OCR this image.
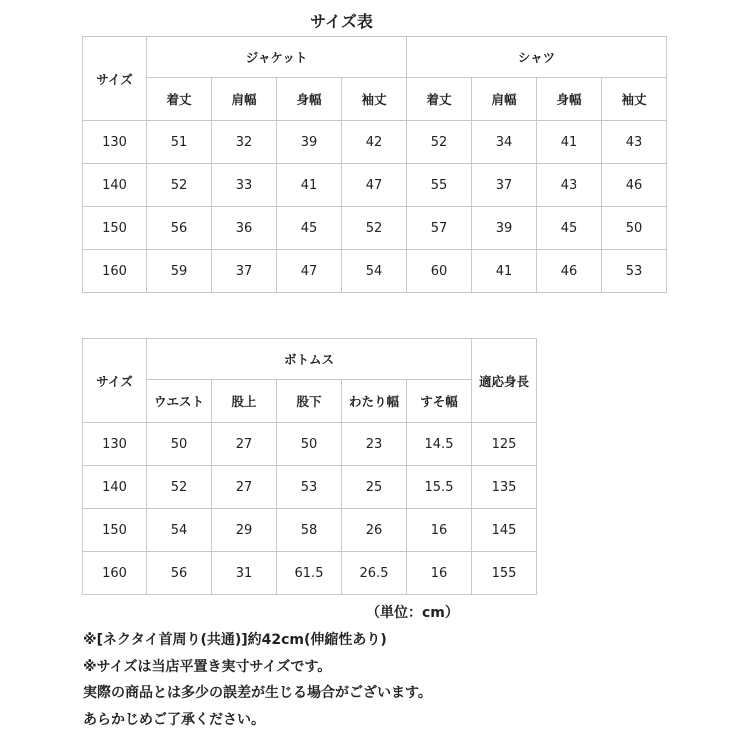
サイズ表
サイズ	ジャケット				シャツ			
	着丈	肩幅	身幅	袖丈	着丈	肩幅	身幅	袖丈
130	51	32	39	42	52	34	41	43
140	52	33	41	47	55	37	43	46
150	56	36	45	52	57	39	45	50
160	59	37	47	54	60	41	46	53
サイズ	ボトムス					適応身長
	ウエスト	股上	股下	わたり幅	すそ幅	
130	50	27	50	23	14.5	125
140	52	27	53	25	15.5	135
150	54	29	58	26	16	145
160	56	31	61.5	26.5	16	155
（単位：cm）
※[ネクタイ首周り(共通)]約42cm(伸縮性あり)
※サイズは当店平置き実寸サイズです。
実際の商品とは多少の誤差が生じる場合がございます。
あらかじめご了承ください。
